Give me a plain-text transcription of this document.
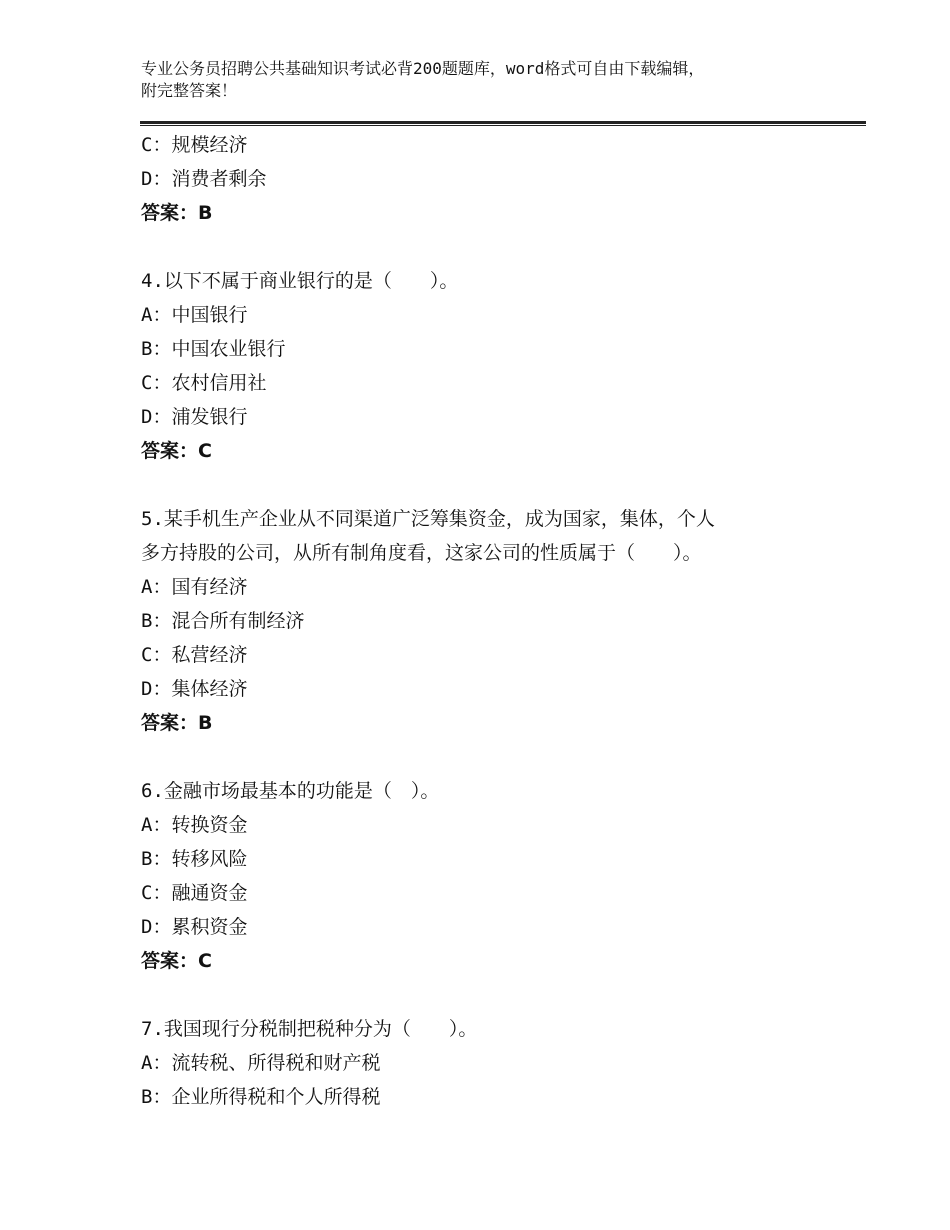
专业公务员招聘公共基础知识考试必背200题题库，word格式可自由下载编辑，
附完整答案！
C：规模经济
D：消费者剩余
答案：B
4.以下不属于商业银行的是（　　）。
A：中国银行
B：中国农业银行
C：农村信用社
D：浦发银行
答案：C
5.某手机生产企业从不同渠道广泛筹集资金，成为国家，集体，个人
多方持股的公司，从所有制角度看，这家公司的性质属于（　　）。
A：国有经济
B：混合所有制经济
C：私营经济
D：集体经济
答案：B
6.金融市场最基本的功能是（　）。
A：转换资金
B：转移风险
C：融通资金
D：累积资金
答案：C
7.我国现行分税制把税种分为（　　）。
A：流转税、所得税和财产税
B：企业所得税和个人所得税
